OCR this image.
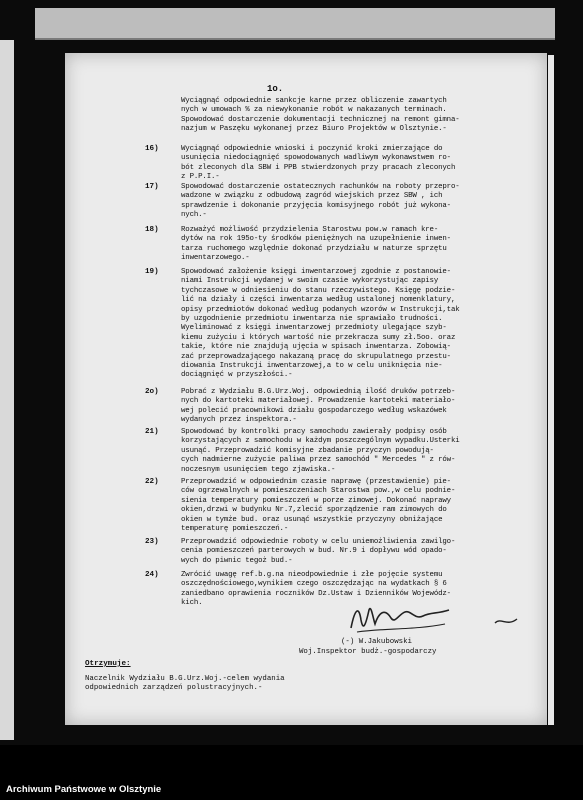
1o.
Wyciągnąć odpowiednie sankcje karne przez obliczenie zawartych
nych w umowach % za niewykonanie robót w nakazanych terminach.
Spowodować dostarczenie dokumentacji technicznej na remont gimna-
nazjum w Paszęku wykonanej przez Biuro Projektów w Olsztynie.-
16)	Wyciągnąć odpowiednie wnioski i poczynić kroki zmierzające do
usunięcia niedociągnięć spowodowanych wadliwym wykonawstwem ro-
bót zleconych dla SBW i PPB stwierdzonych przy pracach zleconych
z P.P.I.-
17)	Spowodować dostarczenie ostatecznych rachunków na roboty przepro-
wadzone w związku z odbudową zagród wiejskich przez SBW , ich
sprawdzenie i dokonanie przyjęcia komisyjnego robót już wykona-
nych.-
18)	Rozważyć możliwość przydzielenia Starostwu pow.w ramach kre-
dytów na rok 195o-ty środków pieniężnych na uzupełnienie inwen-
tarza ruchomego względnie dokonać przydziału w naturze sprzętu
inwentarzowego.-
19)	Spowodować założenie księgi inwentarzowej zgodnie z postanowie-
niami Instrukcji wydanej w swoim czasie wykorzystując zapisy
tychczasowe w odniesieniu do stanu rzeczywistego. Księgę podzie-
lić na działy i części inwentarza według ustalonej nomenklatury,
opisy przedmiotów dokonać według podanych wzorów w Instrukcji,tak
by uzgodnienie przedmiotu inwentarza nie sprawiało trudności.
Wyeliminować z księgi inwentarzowej przedmioty ulegające szyb-
kiemu zużyciu i których wartość nie przekracza sumy zł.5oo. oraz
takie, które nie znajdują ujęcia w spisach inwentarza. Zobowią-
zać przeprowadzającego nakazaną pracę do skrupulatnego przestu-
diowania Instrukcji inwentarzowej,a to w celu uniknięcia nie-
dociągnięć w przyszłości.-
2o)	Pobrać z Wydziału B.G.Urz.Woj. odpowiednią ilość druków potrzeb-
nych do kartoteki materiałowej. Prowadzenie kartoteki materiało-
wej polecić pracownikowi działu gospodarczego według wskazówek
wydanych przez inspektora.-
21)	Spowodować by kontrolki pracy samochodu zawierały podpisy osób
korzystających z samochodu w każdym poszczególnym wypadku.Usterki
usunąć. Przeprowadzić komisyjne zbadanie przyczyn powodują-
cych nadmierne zużycie paliwa przez samochód " Mercedes " z rów-
noczesnym usunięciem tego zjawiska.-
22)	Przeprowadzić w odpowiednim czasie naprawę (przestawienie) pie-
ców ogrzewalnych w pomieszczeniach Starostwa pow.,w celu podnie-
sienia temperatury pomieszczeń w porze zimowej. Dokonać naprawy
okien,drzwi w budynku Nr.7,zlecić sporządzenie ram zimowych do
okien w tymże bud. oraz usunąć wszystkie przyczyny obniżające
temperaturę pomieszczeń.-
23)	Przeprowadzić odpowiednie roboty w celu uniemożliwienia zawilgo-
cenia pomieszczeń parterowych w bud. Nr.9 i dopływu wód opado-
wych do piwnic tegoż bud.-
24)	Zwrócić uwagę ref.b.g.na nieodpowiednie i złe pojęcie systemu
oszczędnościowego,wynikiem czego oszczędzając na wydatkach § 6
zaniedbano oprawienia roczników Dz.Ustaw i Dzienników Wojewódz-
kich.
(-) W.Jakubowski
Woj.Inspektor budż.-gospodarczy
Otrzymuje:
Naczelnik Wydziału B.G.Urz.Woj.-celem wydania
odpowiednich zarządzeń polustracyjnych.-
Archiwum Państwowe w Olsztynie
